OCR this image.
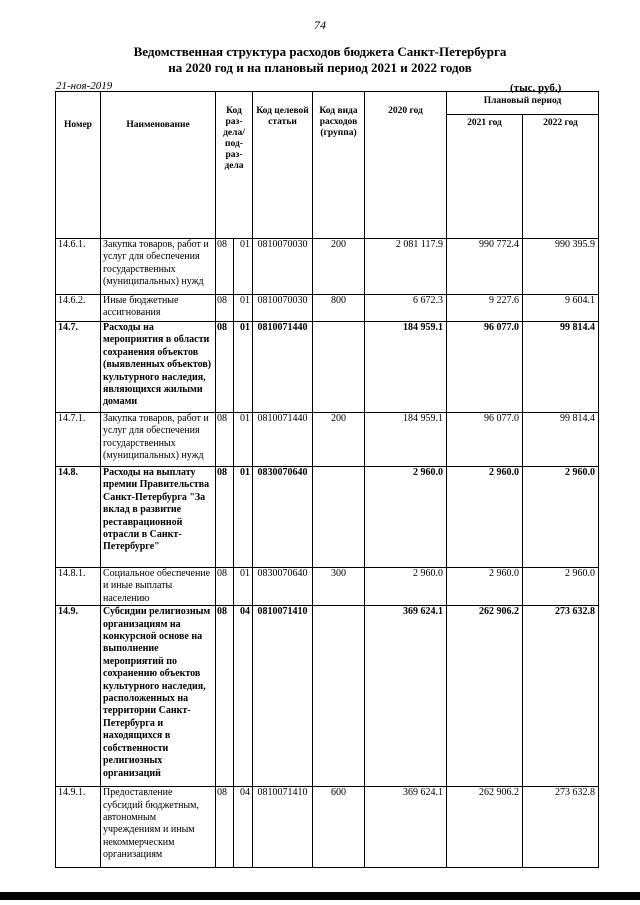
74
Ведомственная структура расходов бюджета Санкт-Петербурга
на 2020 год и на плановый период 2021 и 2022 годов
21-ноя-2019	(тыс. руб.)
Номер	Наименование	Код раз-дела/ под-раз-дела		Код целевой статьи	Код вида расходов (группа)	2020 год	Плановый период	
							2021 год	2022 год
14.6.1.	Закупка товаров, работ и услуг для обеспечения государственных (муниципальных) нужд	08	01	0810070030	200	2 081 117.9	990 772.4	990 395.9
14.6.2.	Иные бюджетные ассигнования	08	01	0810070030	800	6 672.3	9 227.6	9 604.1
14.7.	Расходы на мероприятия в области сохранения объектов (выявленных объектов) культурного наследия, являющихся жилыми домами	08	01	0810071440		184 959.1	96 077.0	99 814.4
14.7.1.	Закупка товаров, работ и услуг для обеспечения государственных (муниципальных) нужд	08	01	0810071440	200	184 959.1	96 077.0	99 814.4
14.8.	Расходы на выплату премии Правительства Санкт-Петербурга "За вклад в развитие реставрационной отрасли в Санкт-Петербурге"	08	01	0830070640		2 960.0	2 960.0	2 960.0
14.8.1.	Социальное обеспечение и иные выплаты населению	08	01	0830070640	300	2 960.0	2 960.0	2 960.0
14.9.	Субсидии религиозным организациям на конкурсной основе на выполнение мероприятий по сохранению объектов культурного наследия, расположенных на территории Санкт-Петербурга и находящихся в собственности религиозных организаций	08	04	0810071410		369 624.1	262 906.2	273 632.8
14.9.1.	Предоставление субсидий бюджетным, автономным учреждениям и иным некоммерческим организациям	08	04	0810071410	600	369 624.1	262 906.2	273 632.8
